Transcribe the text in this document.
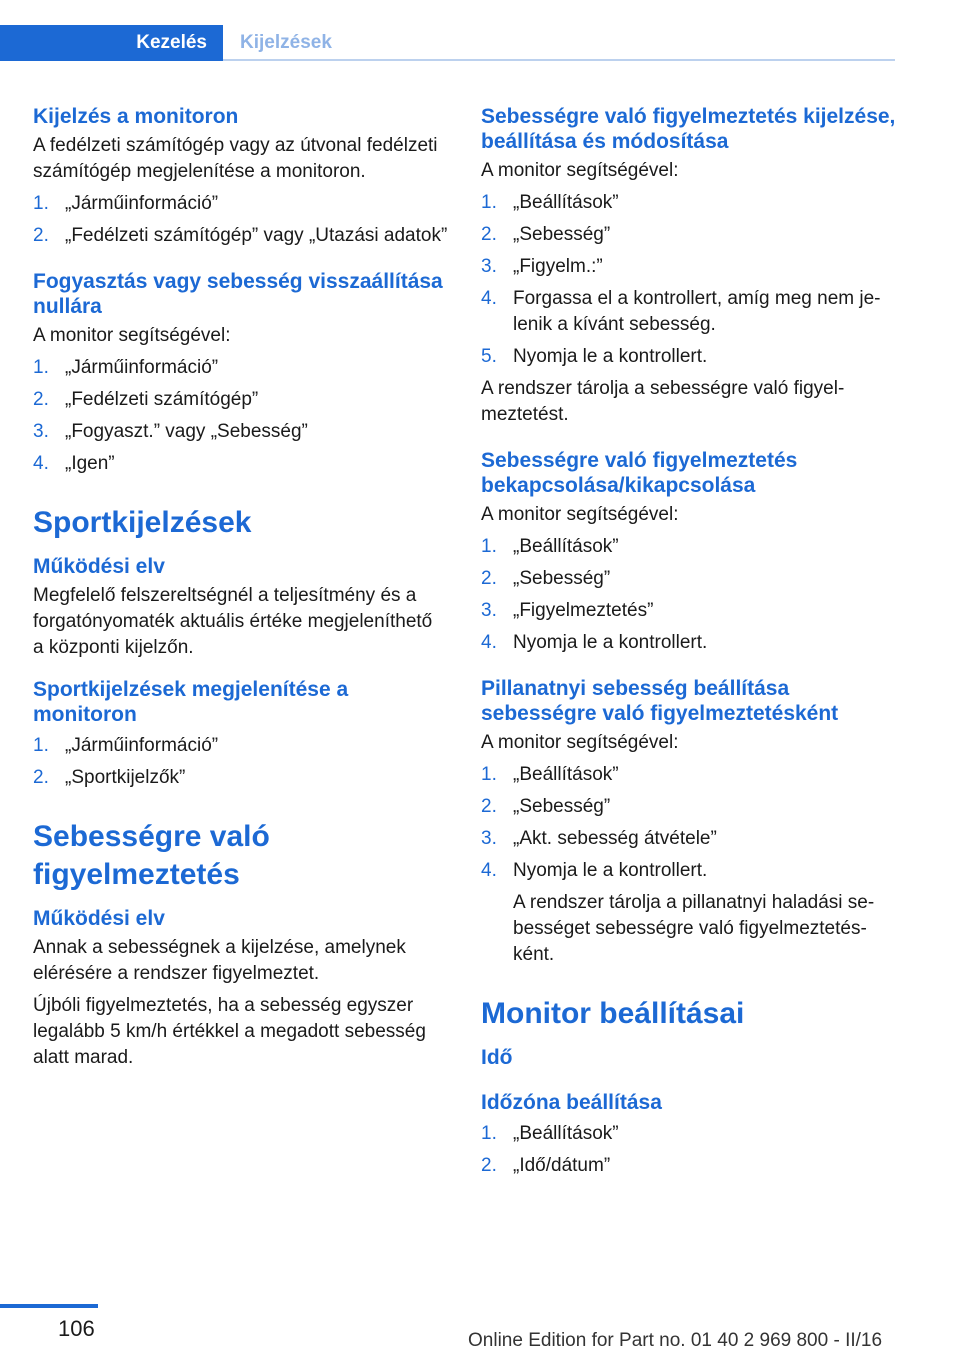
Kezelés	Kijelzések
Kijelzés a monitoron
A fedélzeti számítógép vagy az útvonal fedélzeti számítógép megjelenítése a monitoron.
1. „Járműinformáció”
2. „Fedélzeti számítógép” vagy „Utazási adatok”
Fogyasztás vagy sebesség visszaállítása nullára
A monitor segítségével:
1. „Járműinformáció”
2. „Fedélzeti számítógép”
3. „Fogyaszt.” vagy „Sebesség”
4. „Igen”
Sportkijelzések
Működési elv
Megfelelő felszereltségnél a teljesítmény és a forgatónyomaték aktuális értéke megjeleníthető a központi kijelzőn.
Sportkijelzések megjelenítése a monitoron
1. „Járműinformáció”
2. „Sportkijelzők”
Sebességre való figyelmeztetés
Működési elv
Annak a sebességnek a kijelzése, amelynek elérésére a rendszer figyelmeztet.
Újbóli figyelmeztetés, ha a sebesség egyszer legalább 5 km/h értékkel a megadott sebesség alatt marad.
Sebességre való figyelmeztetés kijelzése, beállítása és módosítása
A monitor segítségével:
1. „Beállítások”
2. „Sebesség”
3. „Figyelm.:”
4. Forgassa el a kontrollert, amíg meg nem jelenik a kívánt sebesség.
5. Nyomja le a kontrollert.
A rendszer tárolja a sebességre való figyelmeztetést.
Sebességre való figyelmeztetés bekapcsolása/kikapcsolása
A monitor segítségével:
1. „Beállítások”
2. „Sebesség”
3. „Figyelmeztetés”
4. Nyomja le a kontrollert.
Pillanatnyi sebesség beállítása sebességre való figyelmeztetésként
A monitor segítségével:
1. „Beállítások”
2. „Sebesség”
3. „Akt. sebesség átvétele”
4. Nyomja le a kontrollert.
A rendszer tárolja a pillanatnyi haladási sebességet sebességre való figyelmeztetésként.
Monitor beállításai
Idő
Időzóna beállítása
1. „Beállítások”
2. „Idő/dátum”
106	Online Edition for Part no. 01 40 2 969 800 - II/16
